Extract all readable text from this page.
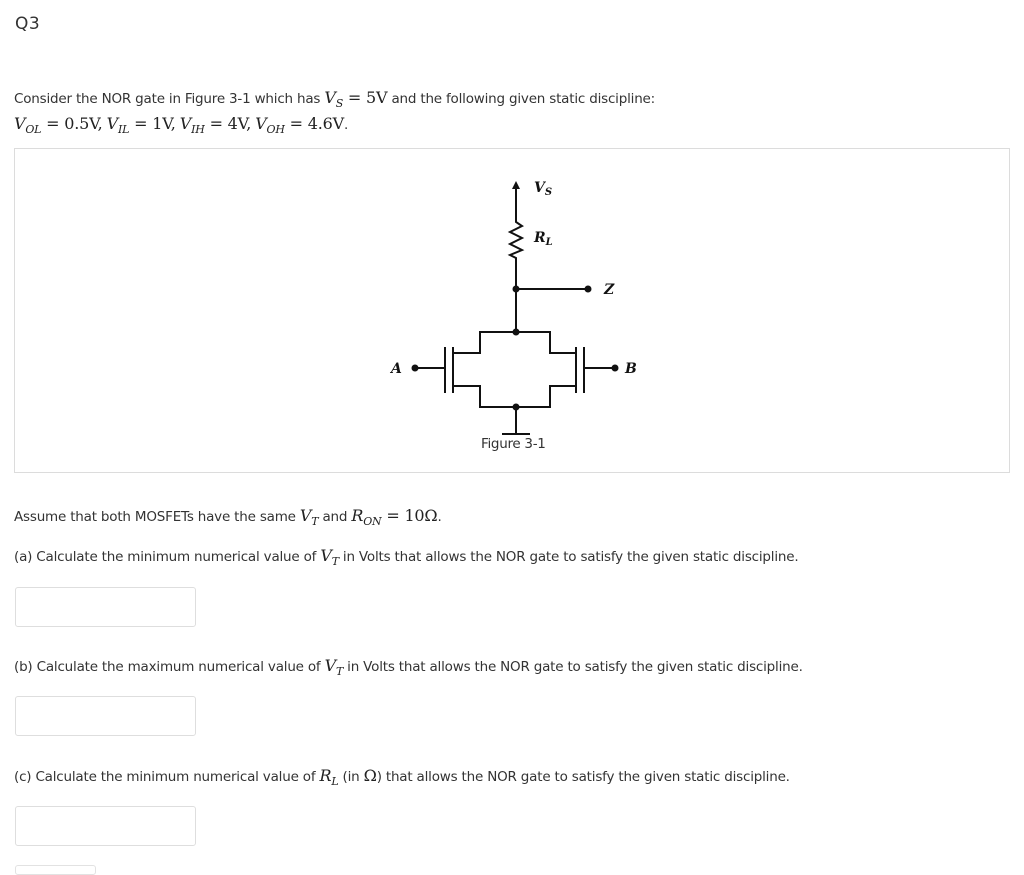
Q3
Consider the NOR gate in Figure 3-1 which has $V_S = 5V$ and the following given static discipline:
$V_{OL} = 0.5V$, $V_{IL} = 1V$, $V_{IH} = 4V$, $V_{OH} = 4.6V$.
$V_S$
$R_L$
Z
A	B
Figure 3-1
Assume that both MOSFETs have the same $V_T$ and $R_{ON} = 10\Omega$.
(a) Calculate the minimum numerical value of $V_T$ in Volts that allows the NOR gate to satisfy the given static discipline.
(b) Calculate the maximum numerical value of $V_T$ in Volts that allows the NOR gate to satisfy the given static discipline.
(c) Calculate the minimum numerical value of $R_L$ (in Ω) that allows the NOR gate to satisfy the given static discipline.
